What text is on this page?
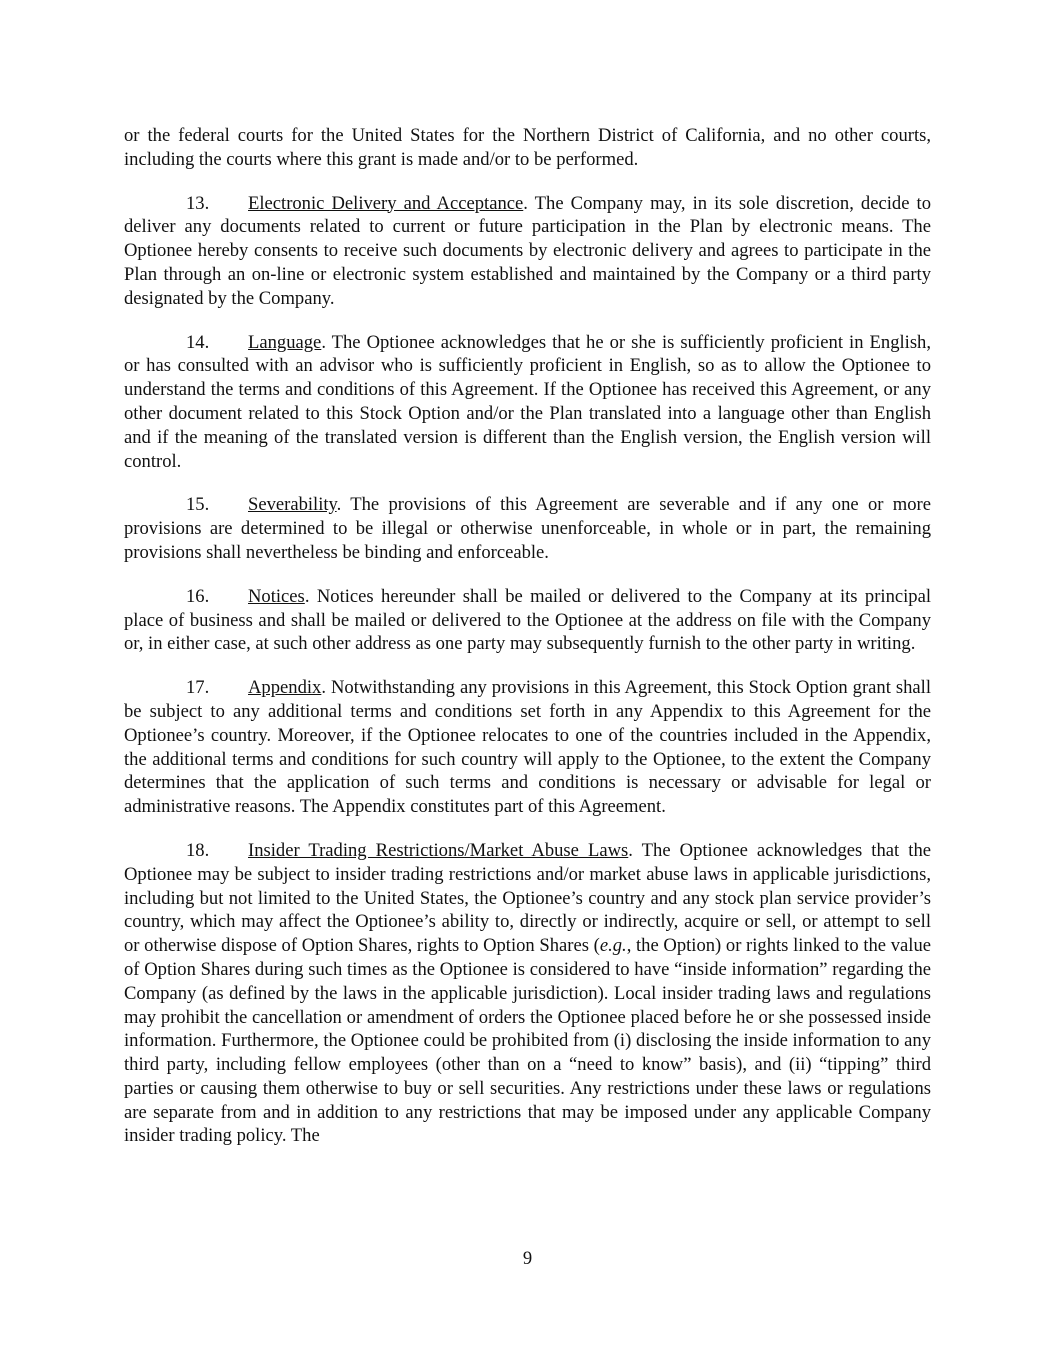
or the federal courts for the United States for the Northern District of California, and no other courts, including the courts where this grant is made and/or to be performed.

13. Electronic Delivery and Acceptance. The Company may, in its sole discretion, decide to deliver any documents related to current or future participation in the Plan by electronic means. The Optionee hereby consents to receive such documents by electronic delivery and agrees to participate in the Plan through an on-line or electronic system established and maintained by the Company or a third party designated by the Company.

14. Language. The Optionee acknowledges that he or she is sufficiently proficient in English, or has consulted with an advisor who is sufficiently proficient in English, so as to allow the Optionee to understand the terms and conditions of this Agreement. If the Optionee has received this Agreement, or any other document related to this Stock Option and/or the Plan translated into a language other than English and if the meaning of the translated version is different than the English version, the English version will control.

15. Severability. The provisions of this Agreement are severable and if any one or more provisions are determined to be illegal or otherwise unenforceable, in whole or in part, the remaining provisions shall nevertheless be binding and enforceable.

16. Notices. Notices hereunder shall be mailed or delivered to the Company at its principal place of business and shall be mailed or delivered to the Optionee at the address on file with the Company or, in either case, at such other address as one party may subsequently furnish to the other party in writing.

17. Appendix. Notwithstanding any provisions in this Agreement, this Stock Option grant shall be subject to any additional terms and conditions set forth in any Appendix to this Agreement for the Optionee’s country. Moreover, if the Optionee relocates to one of the countries included in the Appendix, the additional terms and conditions for such country will apply to the Optionee, to the extent the Company determines that the application of such terms and conditions is necessary or advisable for legal or administrative reasons. The Appendix constitutes part of this Agreement.

18. Insider Trading Restrictions/Market Abuse Laws. The Optionee acknowledges that the Optionee may be subject to insider trading restrictions and/or market abuse laws in applicable jurisdictions, including but not limited to the United States, the Optionee’s country and any stock plan service provider’s country, which may affect the Optionee’s ability to, directly or indirectly, acquire or sell, or attempt to sell or otherwise dispose of Option Shares, rights to Option Shares (e.g., the Option) or rights linked to the value of Option Shares during such times as the Optionee is considered to have “inside information” regarding the Company (as defined by the laws in the applicable jurisdiction). Local insider trading laws and regulations may prohibit the cancellation or amendment of orders the Optionee placed before he or she possessed inside information. Furthermore, the Optionee could be prohibited from (i) disclosing the inside information to any third party, including fellow employees (other than on a “need to know” basis), and (ii) “tipping” third parties or causing them otherwise to buy or sell securities. Any restrictions under these laws or regulations are separate from and in addition to any restrictions that may be imposed under any applicable Company insider trading policy. The

9
